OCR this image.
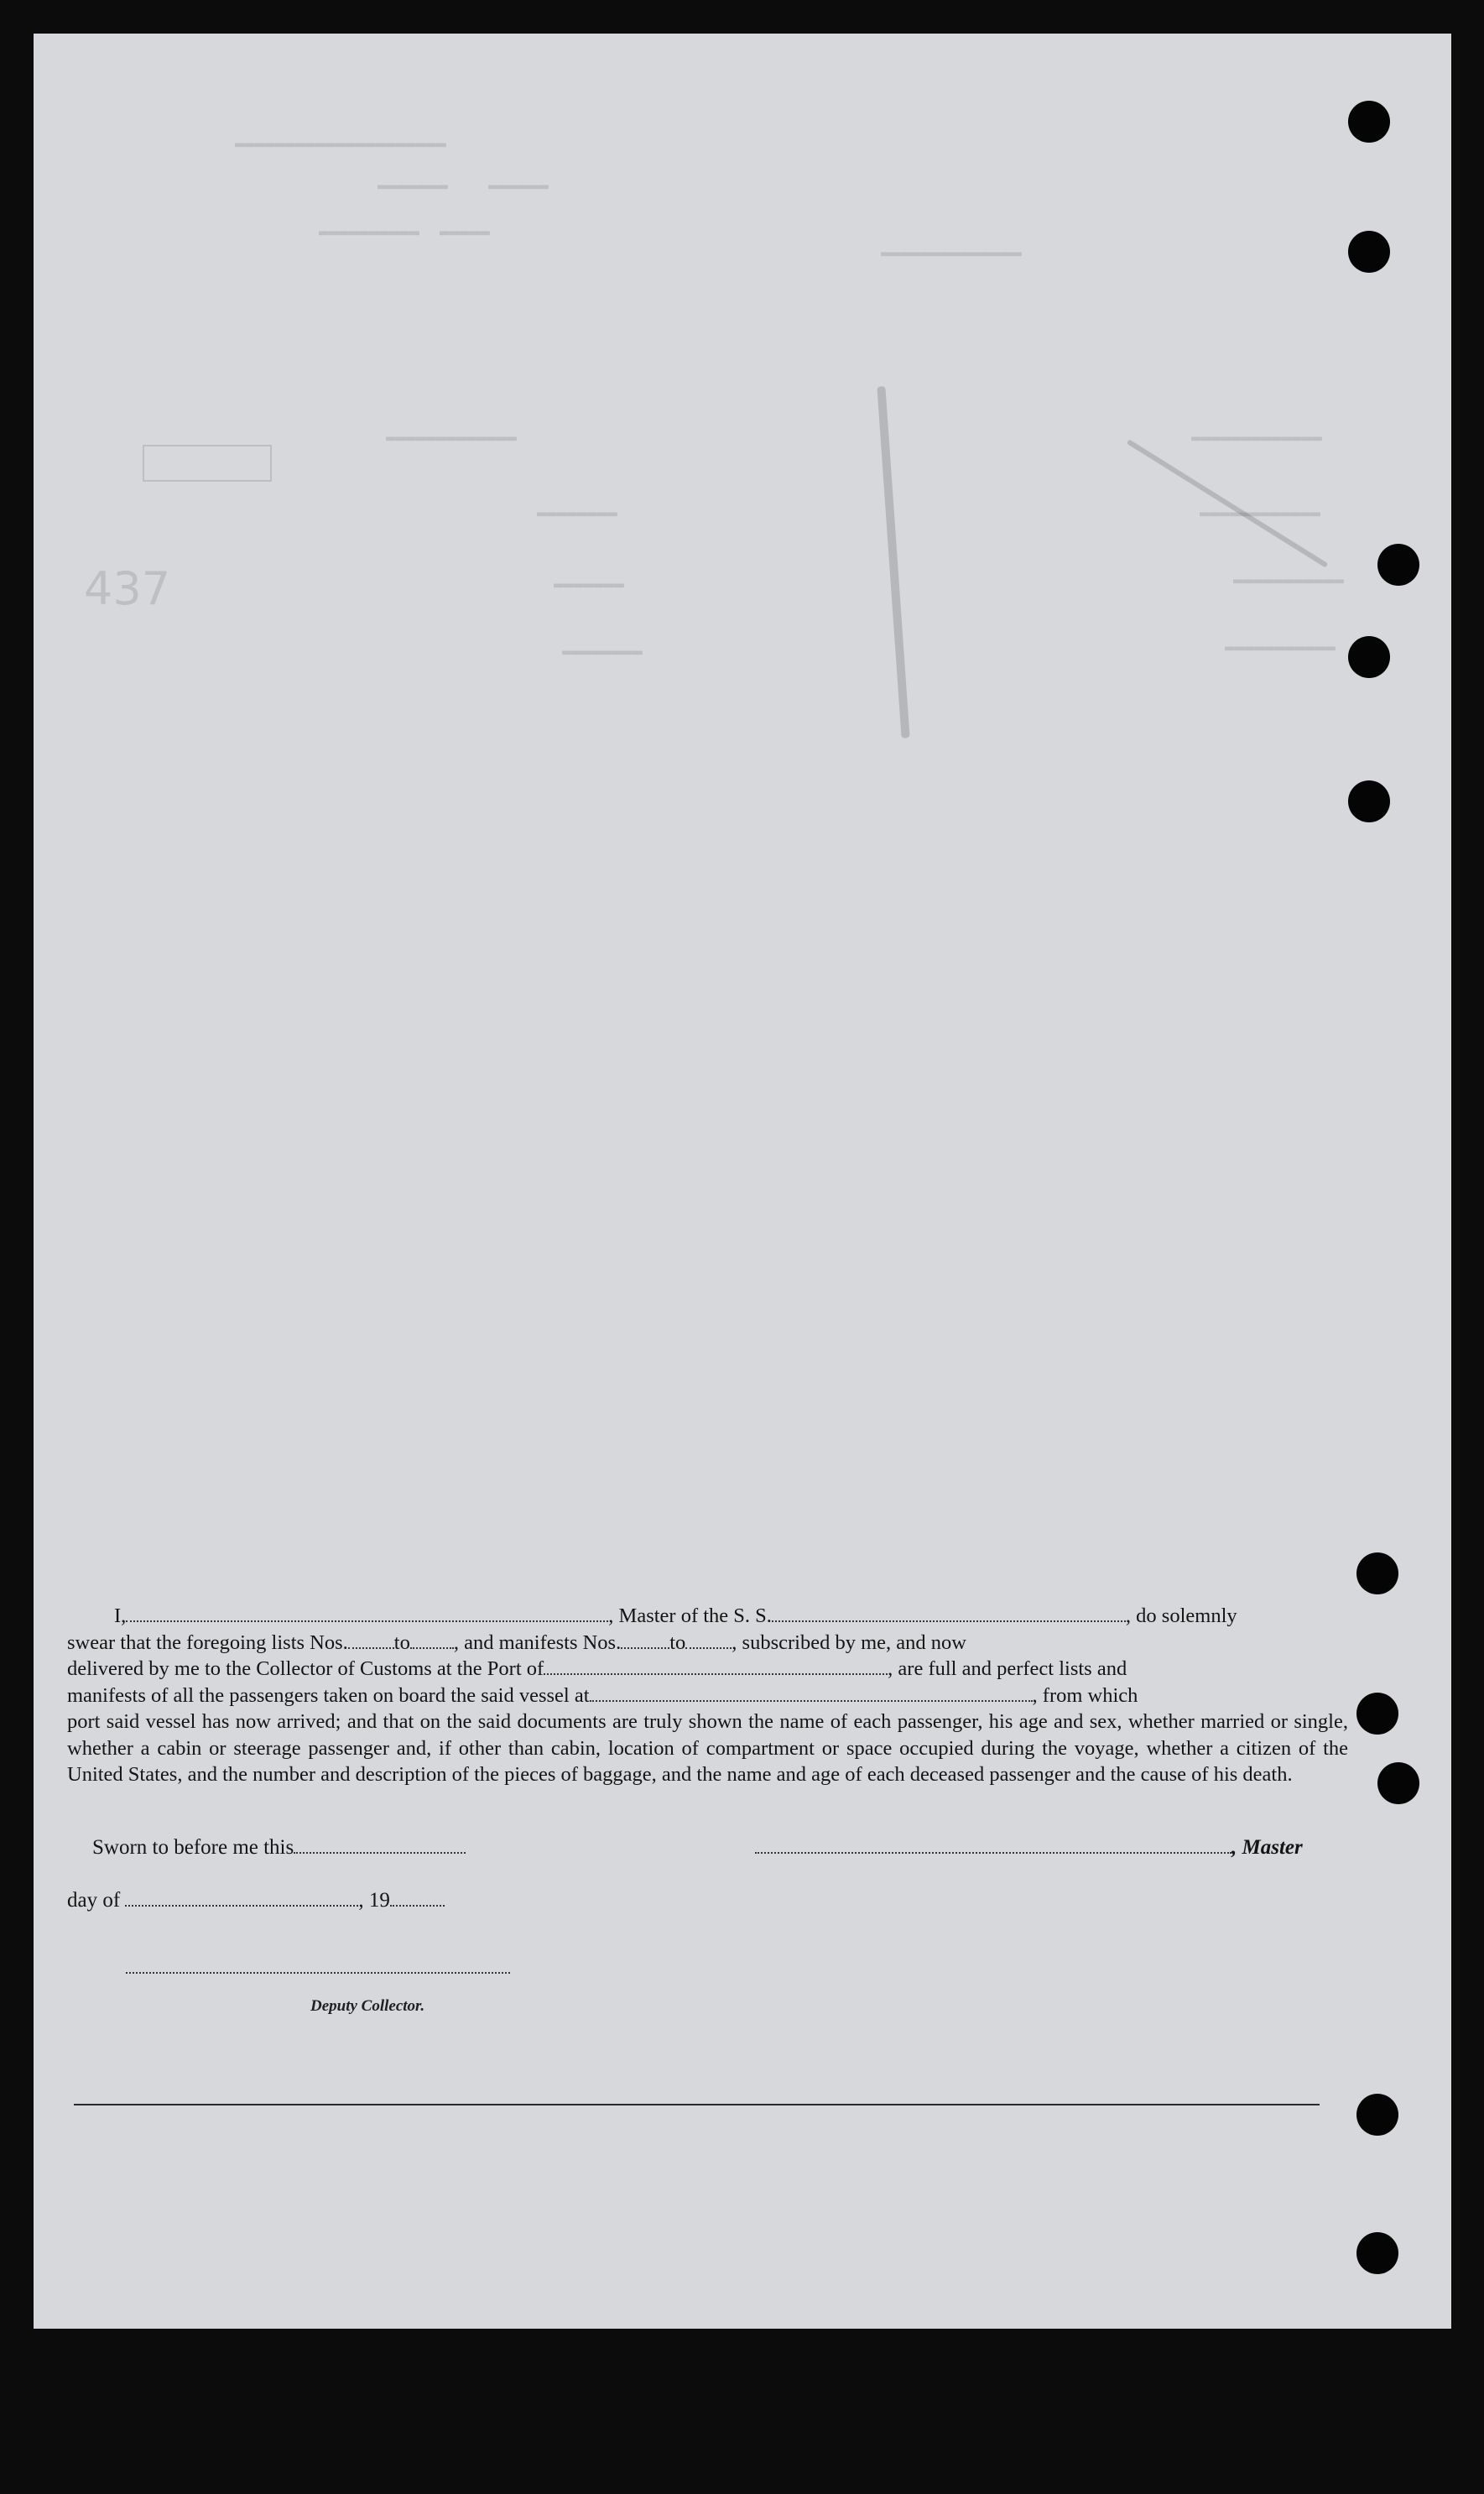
▬▬▬▬▬▬▬▬▬▬▬▬▬▬▬▬▬▬▬▬▬
▬▬▬▬▬▬▬    ▬▬▬▬▬▬
▬▬▬▬▬▬▬▬▬▬  ▬▬▬▬▬
▬▬▬▬▬▬▬▬▬▬▬▬▬▬
▬▬▬▬▬▬▬▬▬▬▬▬▬	▬▬▬▬▬▬▬▬▬▬▬▬▬
▬▬▬▬▬▬▬▬▬▬▬▬
▬▬▬▬▬▬▬▬▬▬▬
▬▬▬▬▬▬▬▬▬▬▬
▬▬▬▬▬▬▬▬
▬▬▬▬▬▬▬
▬▬▬▬▬▬▬▬
437

I,	, Master of the S. S.	, do solemnly

swear that the foregoing lists Nos. to , and manifests Nos. to , subscribed by me, and now
delivered by me to the Collector of Customs at the Port of	, are full and perfect lists and
manifests of all the passengers taken on board the said vessel at	, from which
port said vessel has now arrived; and that on the said documents are truly shown the name of each passenger, his age and sex, whether married or single, whether a cabin or steerage passenger and, if other than cabin, location of compartment or space occupied during the voyage, whether a citizen of the United States, and the number and description of the pieces of baggage, and the name and age of each deceased passenger and the cause of his death.
Sworn to before me this	, Master
day of	, 19
Deputy Collector.
